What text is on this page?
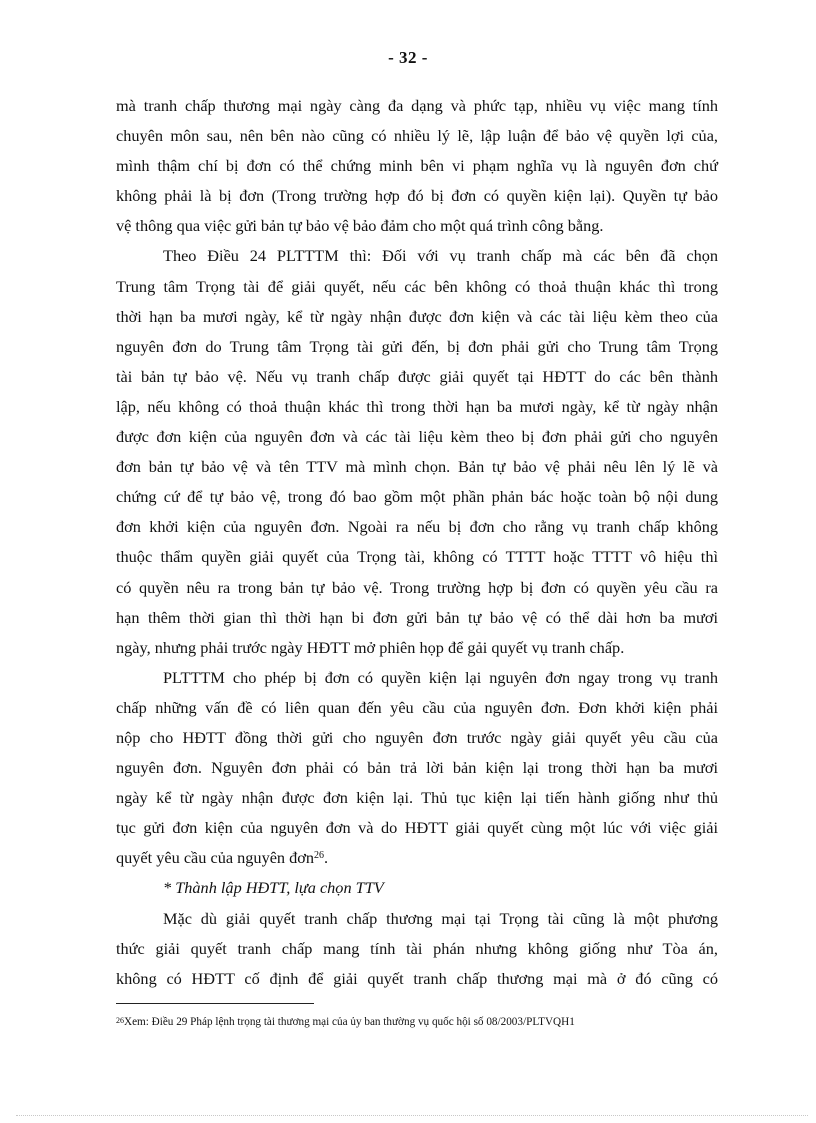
- 32 -
mà tranh chấp thương mại ngày càng đa dạng và phức tạp, nhiều vụ việc mang tính
chuyên môn sau, nên bên nào cũng có nhiều lý lẽ, lập luận để bảo vệ quyền lợi của,
mình thậm chí bị đơn có thể chứng minh bên vi phạm nghĩa vụ là nguyên đơn chứ
không phải là bị đơn (Trong trường hợp đó bị đơn có quyền kiện lại). Quyền tự bảo
vệ thông qua việc gửi bản tự bảo vệ bảo đảm cho một quá trình công bằng.
Theo Điều 24 PLTTTM thì: Đối với vụ tranh chấp mà các bên đã chọn
Trung tâm Trọng tài để giải quyết, nếu các bên không có thoả thuận khác thì trong
thời hạn ba mươi ngày, kể từ ngày nhận được đơn kiện và các tài liệu kèm theo của
nguyên đơn do Trung tâm Trọng tài gửi đến, bị đơn phải gửi cho Trung tâm Trọng
tài bản tự bảo vệ. Nếu vụ tranh chấp được giải quyết tại HĐTT do các bên thành
lập, nếu không có thoả thuận khác thì trong thời hạn ba mươi ngày, kể từ ngày nhận
được đơn kiện của nguyên đơn và các tài liệu kèm theo bị đơn phải gửi cho nguyên
đơn bản tự bảo vệ và tên TTV mà mình chọn. Bản tự bảo vệ phải nêu lên lý lẽ và
chứng cứ để tự bảo vệ, trong đó bao gồm một phần phản bác hoặc toàn bộ nội dung
đơn khởi kiện của nguyên đơn. Ngoài ra nếu bị đơn cho rằng vụ tranh chấp không
thuộc thẩm quyền giải quyết của Trọng tài, không có TTTT hoặc TTTT vô hiệu thì
có quyền nêu ra trong bản tự bảo vệ. Trong trường hợp bị đơn có quyền yêu cầu ra
hạn thêm thời gian thì thời hạn bi đơn gửi bản tự bảo vệ có thể dài hơn ba mươi
ngày, nhưng phải trước ngày HĐTT mở phiên họp để gải quyết vụ tranh chấp.
PLTTTM cho phép bị đơn có quyền kiện lại nguyên đơn ngay trong vụ tranh
chấp những vấn đề có liên quan đến yêu cầu của nguyên đơn. Đơn khởi kiện phải
nộp cho HĐTT đồng thời gửi cho nguyên đơn trước ngày giải quyết yêu cầu của
nguyên đơn. Nguyên đơn phải có bản trả lời bản kiện lại trong thời hạn ba mươi
ngày kể từ ngày nhận được đơn kiện lại. Thủ tục kiện lại tiến hành giống như thủ
tục gửi đơn kiện của nguyên đơn và do HĐTT giải quyết cùng một lúc với việc giải
quyết yêu cầu của nguyên đơn$^{26}$.
* Thành lập HĐTT, lựa chọn TTV
Mặc dù giải quyết tranh chấp thương mại tại Trọng tài cũng là một phương
thức giải quyết tranh chấp mang tính tài phán nhưng không giống như Tòa án,
không có HĐTT cố định để giải quyết tranh chấp thương mại mà ở đó cũng có
26Xem: Điều 29 Pháp lệnh trọng tài thương mại của ủy ban thường vụ quốc hội số 08/2003/PLTVQH1
